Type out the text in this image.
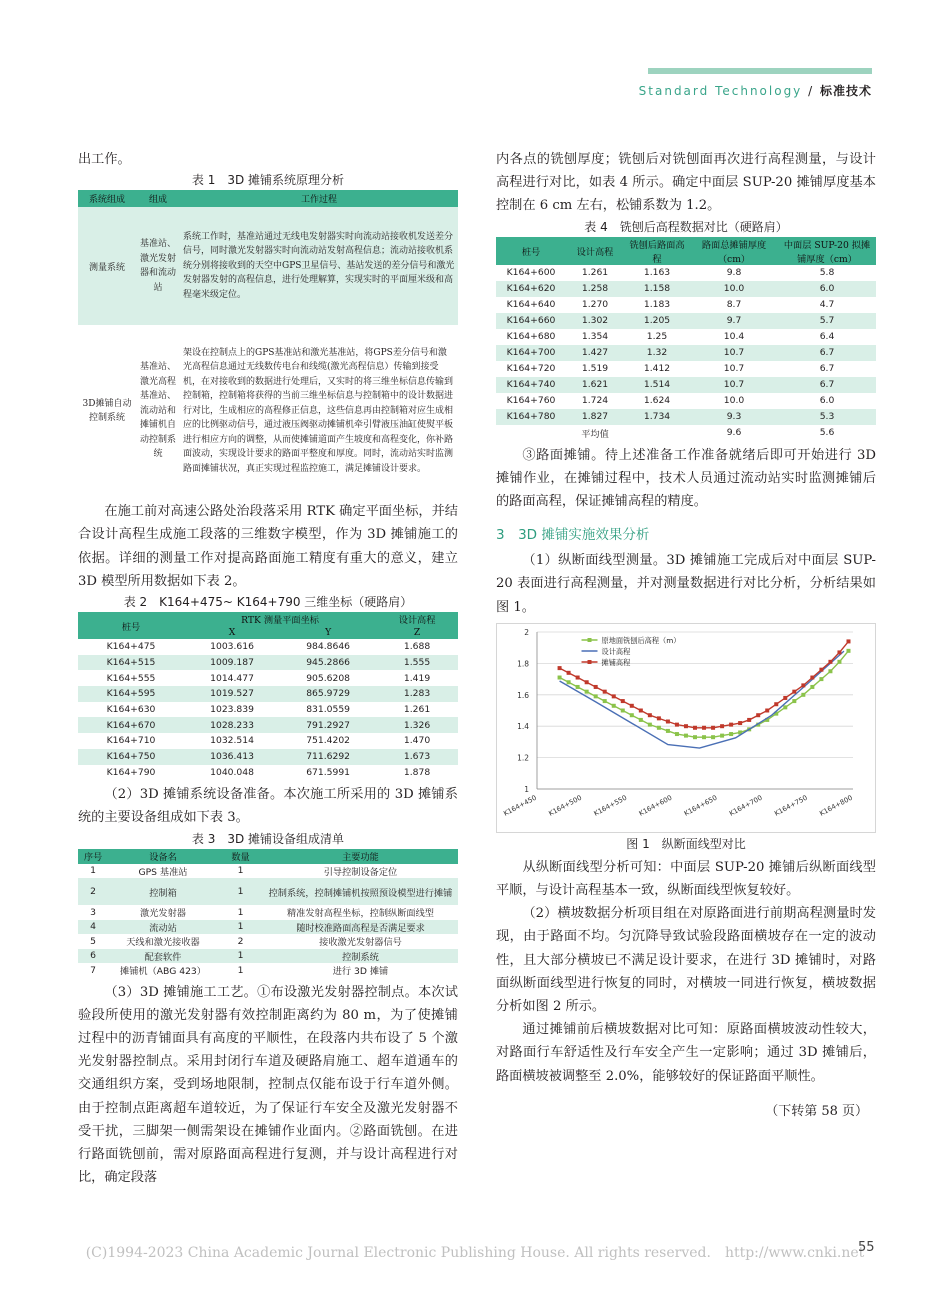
Standard Technology / 标准技术

出工作。

表 1　3D 摊铺系统原理分析
系统组成	组成	工作过程
测量系统	基准站、激光发射器和流动站	系统工作时，基准站通过无线电发射器实时向流动站接收机发送差分信号，同时激光发射器实时向流动站发射高程信息；流动站接收机系统分别将接收到的天空中GPS卫星信号、基站发送的差分信号和激光发射器发射的高程信息，进行处理解算，实现实时的平面厘米级和高程毫米级定位。
3D摊铺自动控制系统	基准站、激光高程基准站、流动站和摊铺机自动控制系统	架设在控制点上的GPS基准站和激光基准站，将GPS差分信号和激光高程信息通过无线数传电台和线缆(激光高程信息）传输到接受机，在对接收到的数据进行处理后，又实时的将三维坐标信息传输到控制箱，控制箱将获得的当前三维坐标信息与控制箱中的设计数据进行对比，生成相应的高程修正信息，这些信息再由控制箱对应生成相应的比例驱动信号，通过液压阀驱动摊铺机牵引臂液压油缸使熨平板进行相应方向的调整，从而使摊铺道面产生坡度和高程变化，你补路面波动，实现设计要求的路面平整度和厚度。同时，流动站实时监测路面摊铺状况，真正实现过程监控施工，满足摊铺设计要求。

在施工前对高速公路处治段落采用 RTK 确定平面坐标，并结合设计高程生成施工段落的三维数字模型，作为 3D 摊铺施工的依据。详细的测量工作对提高路面施工精度有重大的意义，建立 3D 模型所用数据如下表 2。

表 2　K164+475~ K164+790 三维坐标（硬路肩）
桩号	RTK 测量平面坐标		设计高程
	X	Y	Z
K164+475	1003.616	984.8646	1.688
K164+515	1009.187	945.2866	1.555
K164+555	1014.477	905.6208	1.419
K164+595	1019.527	865.9729	1.283
K164+630	1023.839	831.0559	1.261
K164+670	1028.233	791.2927	1.326
K164+710	1032.514	751.4202	1.470
K164+750	1036.413	711.6292	1.673
K164+790	1040.048	671.5991	1.878

（2）3D 摊铺系统设备准备。本次施工所采用的 3D 摊铺系统的主要设备组成如下表 3。

表 3　3D 摊铺设备组成清单
序号	设备名	数量	主要功能
1	GPS 基准站	1	引导控制设备定位
2	控制箱	1	控制系统，控制摊铺机按照预设模型进行摊铺
3	激光发射器	1	精准发射高程坐标，控制纵断面线型
4	流动站	1	随时校准路面高程是否满足要求
5	天线和激光接收器	2	接收激光发射器信号
6	配套软件	1	控制系统
7	摊铺机（ABG 423）	1	进行 3D 摊铺

（3）3D 摊铺施工工艺。①布设激光发射器控制点。本次试验段所使用的激光发射器有效控制距离约为 80 m，为了使摊铺过程中的沥青铺面具有高度的平顺性，在段落内共布设了 5 个激光发射器控制点。采用封闭行车道及硬路肩施工、超车道通车的交通组织方案，受到场地限制，控制点仅能布设于行车道外侧。由于控制点距离超车道较近，为了保证行车安全及激光发射器不受干扰，三脚架一侧需架设在摊铺作业面内。②路面铣刨。在进行路面铣刨前，需对原路面高程进行复测，并与设计高程进行对比，确定段落

内各点的铣刨厚度；铣刨后对铣刨面再次进行高程测量，与设计高程进行对比，如表 4 所示。确定中面层 SUP-20 摊铺厚度基本控制在 6 cm 左右，松铺系数为 1.2。

表 4　铣刨后高程数据对比（硬路肩）
桩号	设计高程	铣刨后路面高程	路面总摊铺厚度（cm）	中面层 SUP-20 拟摊铺厚度（cm）
K164+600	1.261	1.163	9.8	5.8
K164+620	1.258	1.158	10.0	6.0
K164+640	1.270	1.183	8.7	4.7
K164+660	1.302	1.205	9.7	5.7
K164+680	1.354	1.25	10.4	6.4
K164+700	1.427	1.32	10.7	6.7
K164+720	1.519	1.412	10.7	6.7
K164+740	1.621	1.514	10.7	6.7
K164+760	1.724	1.624	10.0	6.0
K164+780	1.827	1.734	9.3	5.3
	平均值		9.6	5.6

③路面摊铺。待上述准备工作准备就绪后即可开始进行 3D 摊铺作业，在摊铺过程中，技术人员通过流动站实时监测摊铺后的路面高程，保证摊铺高程的精度。

3　3D 摊铺实施效果分析

（1）纵断面线型测量。3D 摊铺施工完成后对中面层 SUP-20 表面进行高程测量，并对测量数据进行对比分析，分析结果如图 1。

1
1.2
1.4
1.6
1.8
2
K164+450 K164+500 K164+550 K164+600 K164+650 K164+700 K164+750 K164+800
原地面铣刨后高程（m）
设计高程
摊铺高程
图 1　纵断面线型对比

从纵断面线型分析可知：中面层 SUP-20 摊铺后纵断面线型平顺，与设计高程基本一致，纵断面线型恢复较好。

（2）横坡数据分析项目组在对原路面进行前期高程测量时发现，由于路面不均。匀沉降导致试验段路面横坡存在一定的波动性，且大部分横坡已不满足设计要求，在进行 3D 摊铺时，对路面纵断面线型进行恢复的同时，对横坡一同进行恢复，横坡数据分析如图 2 所示。

通过摊铺前后横坡数据对比可知：原路面横坡波动性较大，对路面行车舒适性及行车安全产生一定影响；通过 3D 摊铺后，路面横坡被调整至 2.0%，能够较好的保证路面平顺性。

（下转第 58 页）
(C)1994-2023 China Academic Journal Electronic Publishing House. All rights reserved.　http://www.cnki.net
55
